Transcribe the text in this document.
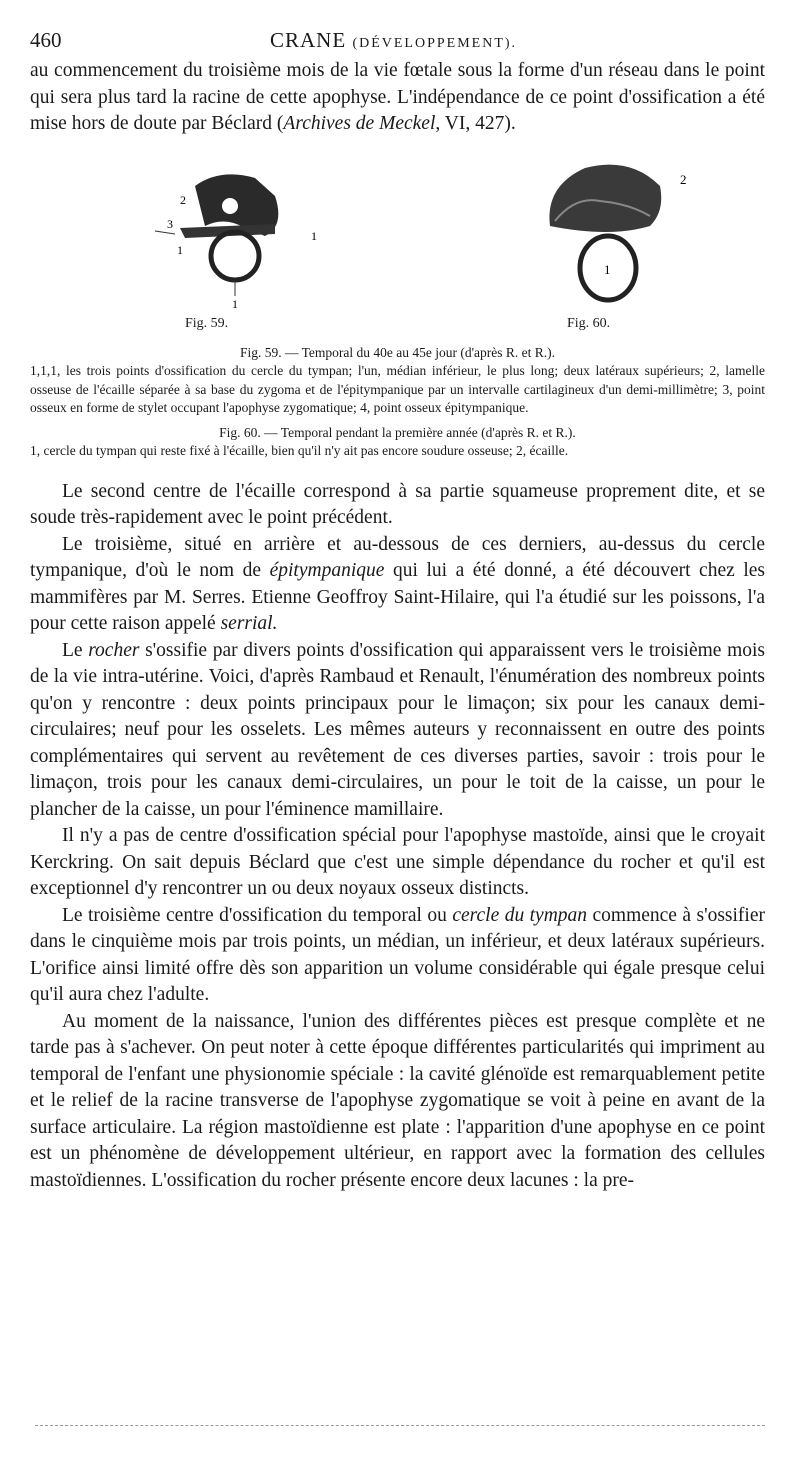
460	CRANE (DÉVELOPPEMENT).

au commencement du troisième mois de la vie fœtale sous la forme d'un réseau dans le point qui sera plus tard la racine de cette apophyse. L'indépendance de ce point d'ossification a été mise hors de doute par Béclard (Archives de Meckel, VI, 427).

2
3
1
1
1
2
1
Fig. 59.	Fig. 60.
Fig. 59. — Temporal du 40e au 45e jour (d'après R. et R.).
1,1,1, les trois points d'ossification du cercle du tympan; l'un, médian inférieur, le plus long; deux latéraux supérieurs; 2, lamelle osseuse de l'écaille séparée à sa base du zygoma et de l'épitympanique par un intervalle cartilagineux d'un demi-millimètre; 3, point osseux en forme de stylet occupant l'apophyse zygomatique; 4, point osseux épitympanique.
Fig. 60. — Temporal pendant la première année (d'après R. et R.).
1, cercle du tympan qui reste fixé à l'écaille, bien qu'il n'y ait pas encore soudure osseuse; 2, écaille.

Le second centre de l'écaille correspond à sa partie squameuse proprement dite, et se soude très-rapidement avec le point précédent.

Le troisième, situé en arrière et au-dessous de ces derniers, au-dessus du cercle tympanique, d'où le nom de épitympanique qui lui a été donné, a été découvert chez les mammifères par M. Serres. Etienne Geoffroy Saint-Hilaire, qui l'a étudié sur les poissons, l'a pour cette raison appelé serrial.

Le rocher s'ossifie par divers points d'ossification qui apparaissent vers le troisième mois de la vie intra-utérine. Voici, d'après Rambaud et Renault, l'énumération des nombreux points qu'on y rencontre : deux points principaux pour le limaçon; six pour les canaux demi-circulaires; neuf pour les osselets. Les mêmes auteurs y reconnaissent en outre des points complémentaires qui servent au revêtement de ces diverses parties, savoir : trois pour le limaçon, trois pour les canaux demi-circulaires, un pour le toit de la caisse, un pour le plancher de la caisse, un pour l'éminence mamillaire.

Il n'y a pas de centre d'ossification spécial pour l'apophyse mastoïde, ainsi que le croyait Kerckring. On sait depuis Béclard que c'est une simple dépendance du rocher et qu'il est exceptionnel d'y rencontrer un ou deux noyaux osseux distincts.

Le troisième centre d'ossification du temporal ou cercle du tympan commence à s'ossifier dans le cinquième mois par trois points, un médian, un inférieur, et deux latéraux supérieurs. L'orifice ainsi limité offre dès son apparition un volume considérable qui égale presque celui qu'il aura chez l'adulte.

Au moment de la naissance, l'union des différentes pièces est presque complète et ne tarde pas à s'achever. On peut noter à cette époque différentes particularités qui impriment au temporal de l'enfant une physionomie spéciale : la cavité glénoïde est remarquablement petite et le relief de la racine transverse de l'apophyse zygomatique se voit à peine en avant de la surface articulaire. La région mastoïdienne est plate : l'apparition d'une apophyse en ce point est un phénomène de développement ultérieur, en rapport avec la formation des cellules mastoïdiennes. L'ossification du rocher présente encore deux lacunes : la pre-
